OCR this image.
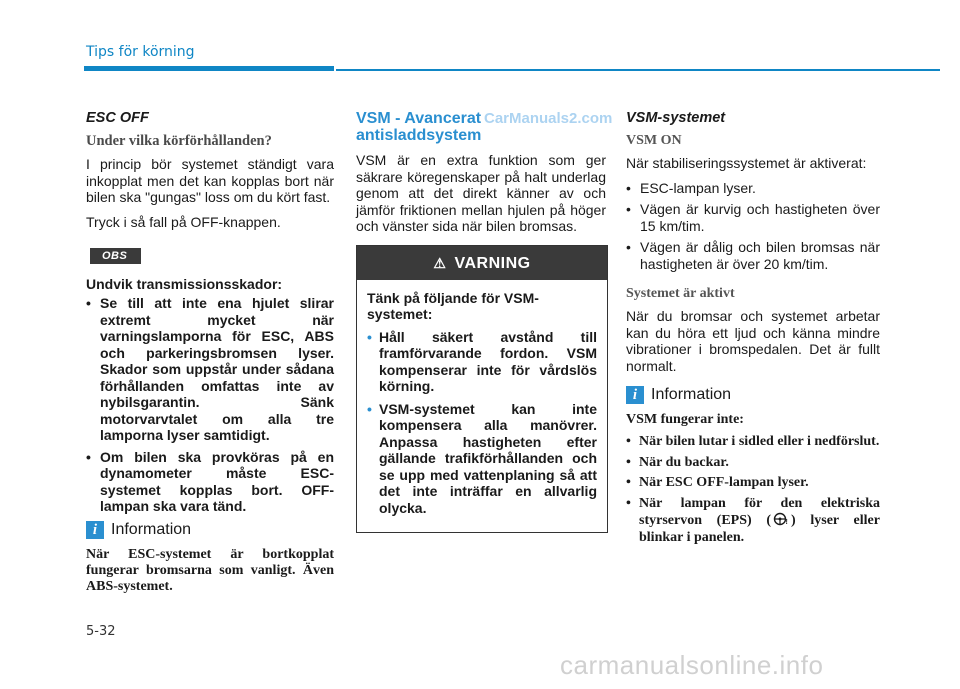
Tips för körning
ESC OFF
Under vilka körförhållanden?

I princip bör systemet ständigt vara inkopplat men det kan kopplas bort när bilen ska "gungas" loss om du kört fast.

Tryck i så fall på OFF-knappen.

OBS
Undvik transmissionsskador:
• Se till att inte ena hjulet slirar extremt mycket när varningslamporna för ESC, ABS och parkeringsbromsen lyser. Skador som uppstår under sådana förhållanden omfattas inte av nybilsgarantin. Sänk motorvarvtalet om alla tre lamporna lyser samtidigt.
• Om bilen ska provköras på en dynamometer måste ESC-systemet kopplas bort. OFF-lampan ska vara tänd.
i Information

När ESC-systemet är bortkopplat fungerar bromsarna som vanligt. Även ABS-systemet.

VSM - Avancerat antisladdsystem

VSM är en extra funktion som ger säkrare köregenskaper på halt underlag genom att det direkt känner av och jämför friktionen mellan hjulen på höger och vänster sida när bilen bromsas.

⚠ VARNING

Tänk på följande för VSM-systemet:

• Håll säkert avstånd till framförvarande fordon. VSM kompenserar inte för vårdslös körning.
• VSM-systemet kan inte kompensera alla manövrer. Anpassa hastigheten efter gällande trafikförhållanden och se upp med vattenplaning så att det inte inträffar en allvarlig olycka.
VSM-systemet
VSM ON

När stabiliseringssystemet är aktiverat:

• ESC-lampan lyser.
• Vägen är kurvig och hastigheten över 15 km/tim.
• Vägen är dålig och bilen bromsas när hastigheten är över 20 km/tim.
Systemet är aktivt

När du bromsar och systemet arbetar kan du höra ett ljud och känna mindre vibrationer i bromspedalen. Det är fullt normalt.

i Information

VSM fungerar inte:

• När bilen lutar i sidled eller i nedförslut.
• När du backar.
• När ESC OFF-lampan lyser.
• När lampan för den elektriska styrservon (EPS) ( ! ) lyser eller blinkar i panelen.
CarManuals2.com
5-32
carmanualsonline.info
